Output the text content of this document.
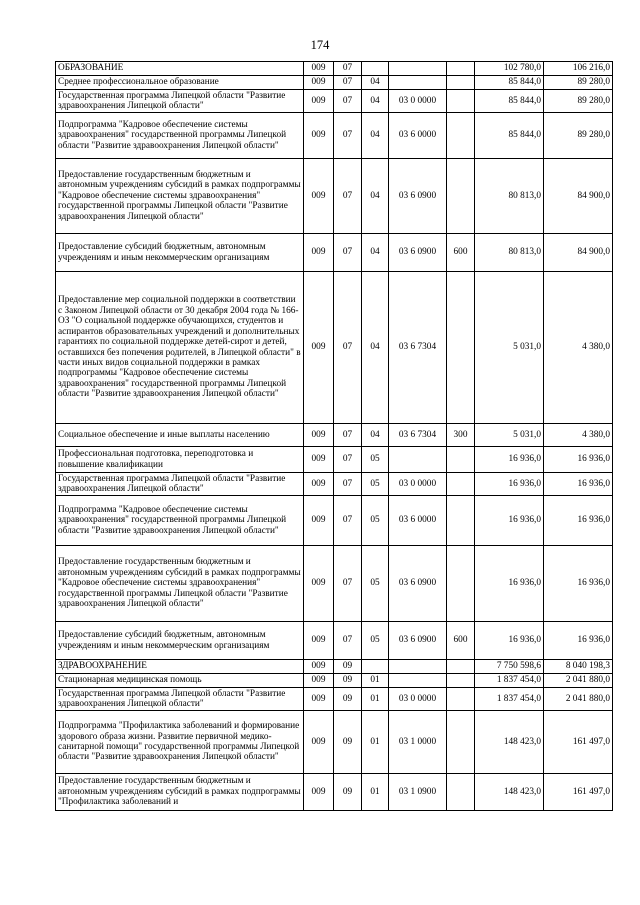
174
ОБРАЗОВАНИЕ	009	07				102 780,0	106 216,0
Среднее профессиональное образование	009	07	04			85 844,0	89 280,0
Государственная программа Липецкой области "Развитие здравоохранения Липецкой области"	009	07	04	03 0 0000		85 844,0	89 280,0
Подпрограмма "Кадровое обеспечение системы здравоохранения" государственной программы Липецкой области "Развитие здравоохранения Липецкой области"	009	07	04	03 6 0000		85 844,0	89 280,0
Предоставление государственным бюджетным и автономным учреждениям субсидий в рамках подпрограммы "Кадровое обеспечение системы здравоохранения" государственной программы Липецкой области "Развитие здравоохранения Липецкой области"	009	07	04	03 6 0900		80 813,0	84 900,0
Предоставление субсидий бюджетным, автономным учреждениям и иным некоммерческим организациям	009	07	04	03 6 0900	600	80 813,0	84 900,0
Предоставление мер социальной поддержки в соответствии с Законом Липецкой области от 30 декабря 2004 года № 166-ОЗ "О социальной поддержке обучающихся, студентов и аспирантов образовательных учреждений и дополнительных гарантиях по социальной поддержке детей-сирот и детей, оставшихся без попечения родителей, в Липецкой области" в части иных видов социальной поддержки в рамках подпрограммы "Кадровое обеспечение системы здравоохранения" государственной программы Липецкой области "Развитие здравоохранения Липецкой области"	009	07	04	03 6 7304		5 031,0	4 380,0
Социальное обеспечение и иные выплаты населению	009	07	04	03 6 7304	300	5 031,0	4 380,0
Профессиональная подготовка, переподготовка и повышение квалификации	009	07	05			16 936,0	16 936,0
Государственная программа Липецкой области "Развитие здравоохранения Липецкой области"	009	07	05	03 0 0000		16 936,0	16 936,0
Подпрограмма "Кадровое обеспечение системы здравоохранения" государственной программы Липецкой области "Развитие здравоохранения Липецкой области"	009	07	05	03 6 0000		16 936,0	16 936,0
Предоставление государственным бюджетным и автономным учреждениям субсидий в рамках подпрограммы "Кадровое обеспечение системы здравоохранения" государственной программы Липецкой области "Развитие здравоохранения Липецкой области"	009	07	05	03 6 0900		16 936,0	16 936,0
Предоставление субсидий бюджетным, автономным учреждениям и иным некоммерческим организациям	009	07	05	03 6 0900	600	16 936,0	16 936,0
ЗДРАВООХРАНЕНИЕ	009	09				7 750 598,6	8 040 198,3
Стационарная медицинская помощь	009	09	01			1 837 454,0	2 041 880,0
Государственная программа Липецкой области "Развитие здравоохранения Липецкой области"	009	09	01	03 0 0000		1 837 454,0	2 041 880,0
Подпрограмма "Профилактика заболеваний и формирование здорового образа жизни. Развитие первичной медико-санитарной помощи" государственной программы Липецкой области "Развитие здравоохранения Липецкой области"	009	09	01	03 1 0000		148 423,0	161 497,0
Предоставление государственным бюджетным и автономным учреждениям субсидий в рамках подпрограммы "Профилактика заболеваний и	009	09	01	03 1 0900		148 423,0	161 497,0
